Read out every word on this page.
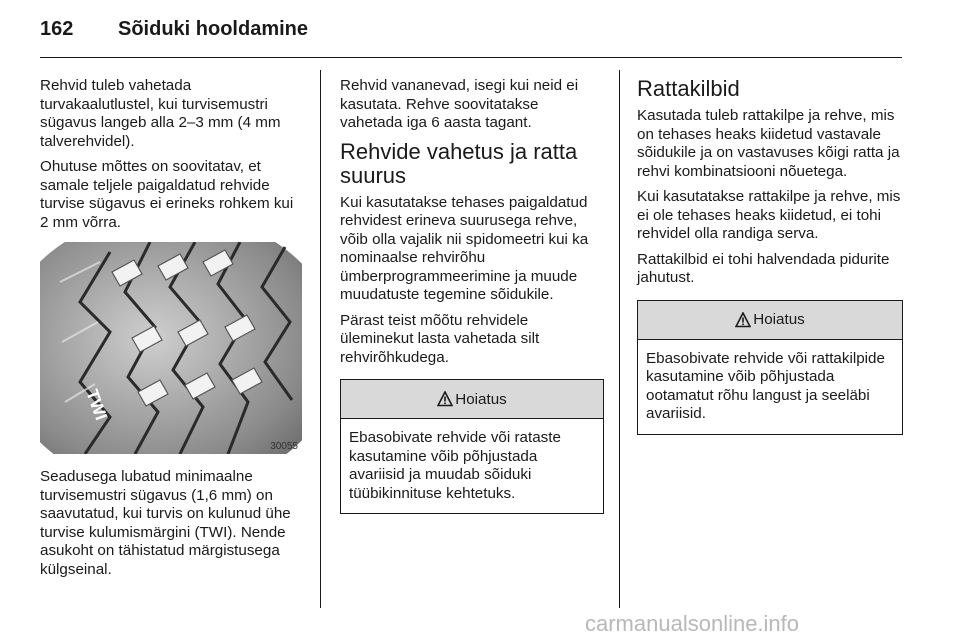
162 Sõiduki hooldamine

Rehvid tuleb vahetada turvakaalutlustel, kui turvisemustri sügavus langeb alla 2–3 mm (4 mm talverehvidel).

Ohutuse mõttes on soovitatav, et samale teljele paigaldatud rehvide turvise sügavus ei erineks rohkem kui 2 mm võrra.

TWI
30055

Seadusega lubatud minimaalne turvisemustri sügavus (1,6 mm) on saavutatud, kui turvis on kulunud ühe turvise kulumismärgini (TWI). Nende asukoht on tähistatud märgistusega külgseinal.

Rehvid vananevad, isegi kui neid ei kasutata. Rehve soovitatakse vahetada iga 6 aasta tagant.

Rehvide vahetus ja ratta suurus

Kui kasutatakse tehases paigaldatud rehvidest erineva suurusega rehve, võib olla vajalik nii spidomeetri kui ka nominaalse rehvirõhu ümberprogrammeerimine ja muude muudatuste tegemine sõidukile.

Pärast teist mõõtu rehvidele üleminekut lasta vahetada silt rehvirõhkudega.

Hoiatus

Ebasobivate rehvide või rataste kasutamine võib põhjustada avariisid ja muudab sõiduki tüübikinnituse kehtetuks.

Rattakilbid

Kasutada tuleb rattakilpe ja rehve, mis on tehases heaks kiidetud vastavale sõidukile ja on vastavuses kõigi ratta ja rehvi kombinatsiooni nõuetega.

Kui kasutatakse rattakilpe ja rehve, mis ei ole tehases heaks kiidetud, ei tohi rehvidel olla randiga serva.

Rattakilbid ei tohi halvendada pidurite jahutust.

Hoiatus

Ebasobivate rehvide või rattakilpide kasutamine võib põhjustada ootamatut rõhu langust ja seeläbi avariisid.

carmanualsonline.info
